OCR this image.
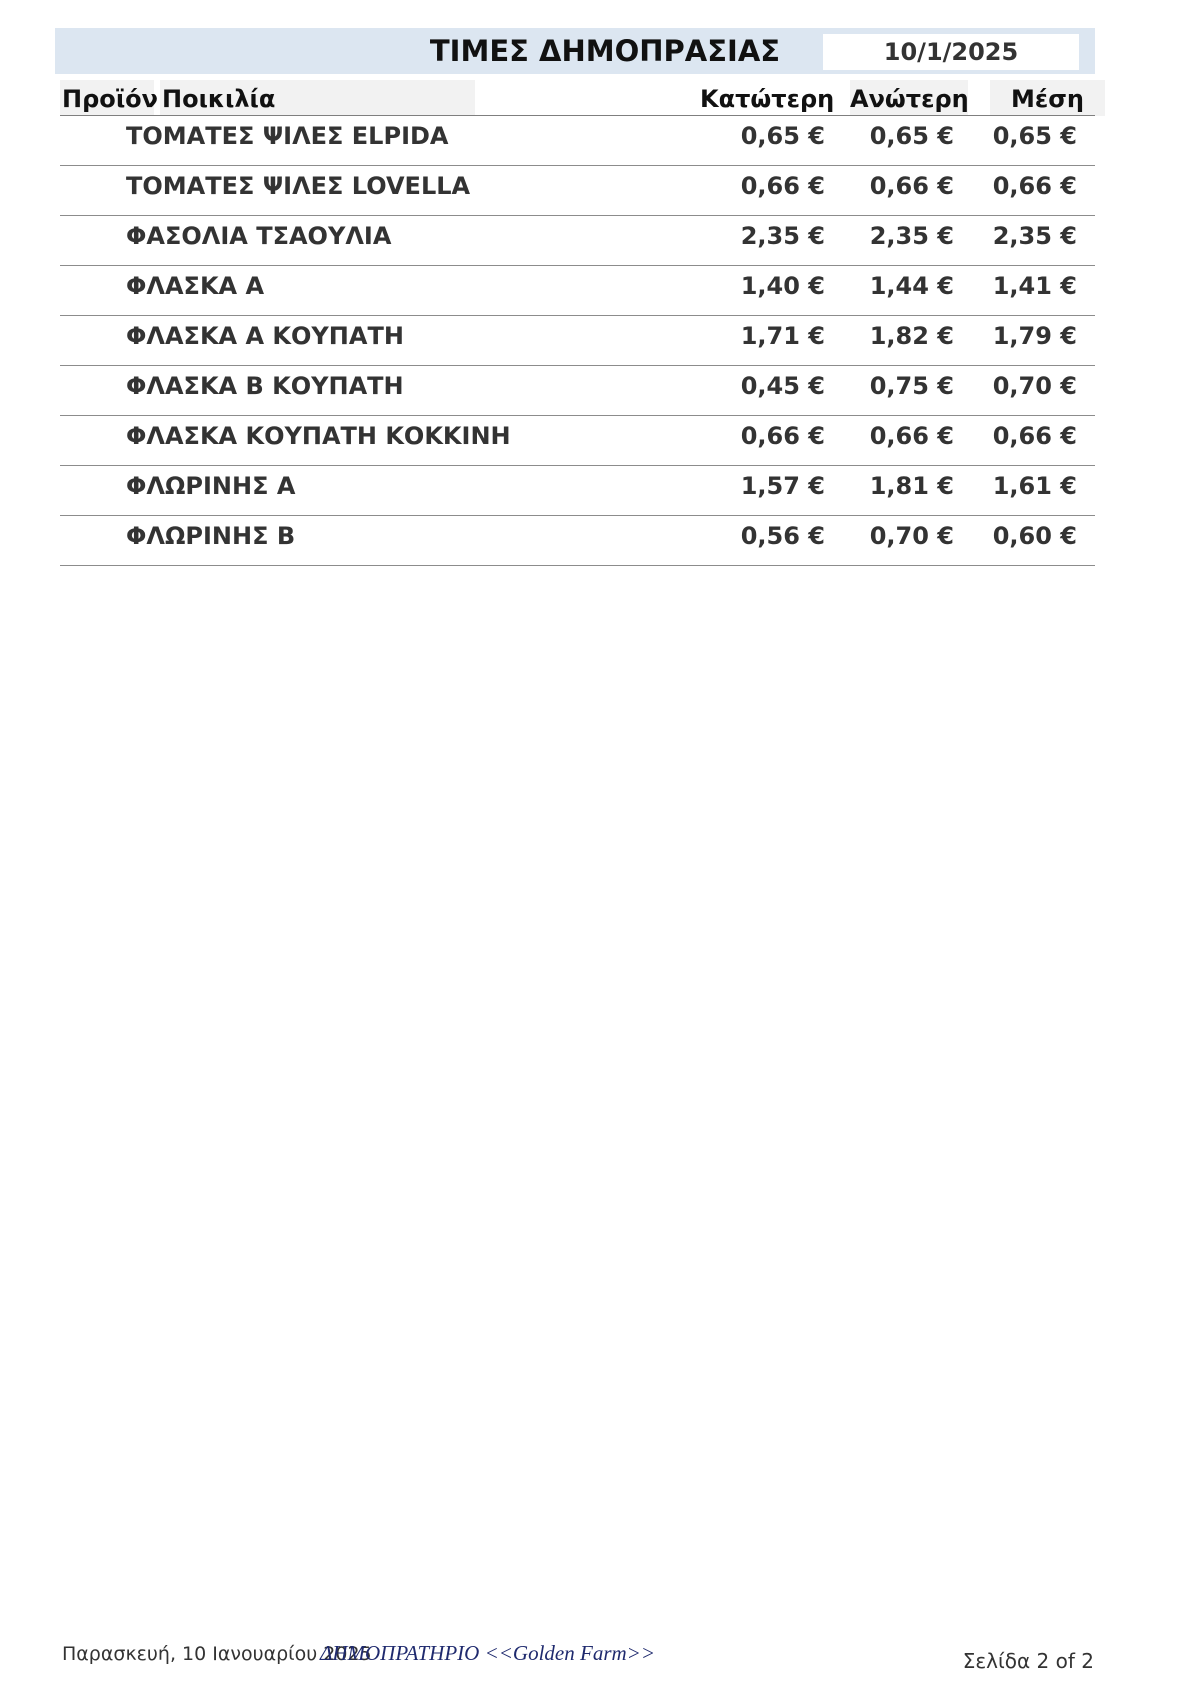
ΤΙΜΕΣ ΔΗΜΟΠΡΑΣΙΑΣ	10/1/2025
Προϊόν Ποικιλία	Κατώτερη Ανώτερη	Μέση
ΤΟΜΑΤΕΣ ΨΙΛΕΣ ELPIDA	0,65 € 0,65 € 0,65 €
ΤΟΜΑΤΕΣ ΨΙΛΕΣ LOVELLA	0,66 € 0,66 € 0,66 €
ΦΑΣΟΛΙΑ ΤΣΑΟΥΛΙΑ	2,35 € 2,35 € 2,35 €
ΦΛΑΣΚΑ Α	1,40 € 1,44 € 1,41 €
ΦΛΑΣΚΑ Α ΚΟΥΠΑΤΗ	1,71 € 1,82 € 1,79 €
ΦΛΑΣΚΑ Β ΚΟΥΠΑΤΗ	0,45 € 0,75 € 0,70 €
ΦΛΑΣΚΑ ΚΟΥΠΑΤΗ ΚΟΚΚΙΝΗ	0,66 € 0,66 € 0,66 €
ΦΛΩΡΙΝΗΣ Α	1,57 € 1,81 € 1,61 €
ΦΛΩΡΙΝΗΣ Β	0,56 € 0,70 € 0,60 €
Παρασκευή, 10 Ιανουαρίου 2025
ΔΗΜΟΠΡΑΤΗΡΙΟ <<Golden Farm>>	Σελίδα 2 of 2
